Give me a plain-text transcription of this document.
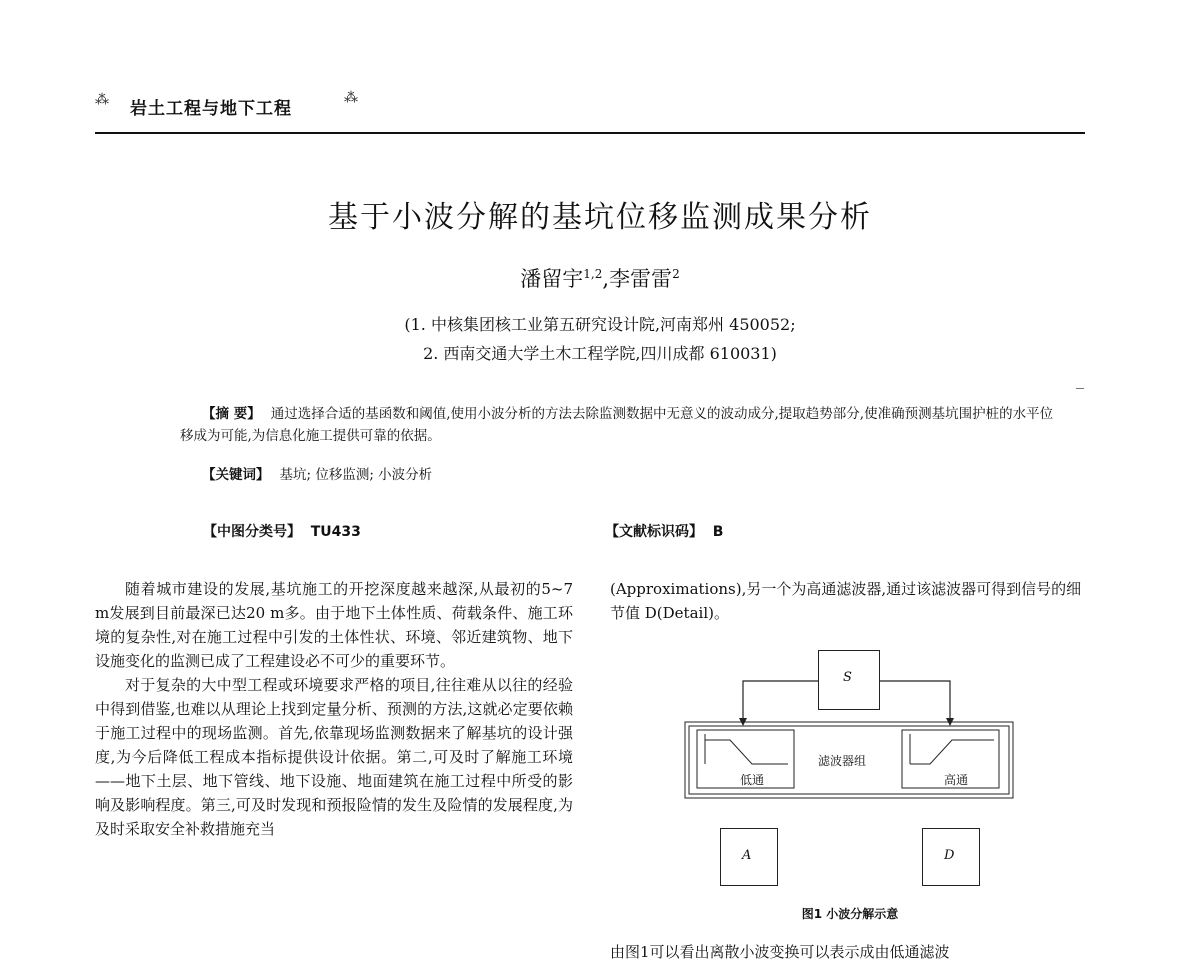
⁂ 岩土工程与地下工程
⁂
基于小波分解的基坑位移监测成果分析
潘留宇$^{1,2}$,李雷雷$^2$
(1. 中核集团核工业第五研究设计院,河南郑州 450052;
2. 西南交通大学土木工程学院,四川成都 610031)
【摘 要】 通过选择合适的基函数和阈值,使用小波分析的方法去除监测数据中无意义的波动成分,提取趋势部分,使准确预测基坑围护桩的水平位移成为可能,为信息化施工提供可靠的依据。
【关键词】 基坑; 位移监测; 小波分析
【中图分类号】 TU433	【文献标识码】 B

随着城市建设的发展,基坑施工的开挖深度越来越深,从最初的5~7 m发展到目前最深已达20 m多。由于地下土体性质、荷载条件、施工环境的复杂性,对在施工过程中引发的土体性状、环境、邻近建筑物、地下设施变化的监测已成了工程建设必不可少的重要环节。

对于复杂的大中型工程或环境要求严格的项目,往往难从以往的经验中得到借鉴,也难以从理论上找到定量分析、预测的方法,这就必定要依赖于施工过程中的现场监测。首先,依靠现场监测数据来了解基坑的设计强度,为今后降低工程成本指标提供设计依据。第二,可及时了解施工环境——地下土层、地下管线、地下设施、地面建筑在施工过程中所受的影响及影响程度。第三,可及时发现和预报险情的发生及险情的发展程度,为及时采取安全补救措施充当

(Approximations),另一个为高通滤波器,通过该滤波器可得到信号的细节值 D(Detail)。

S
低通	高通
滤波器组
A	D
图1 小波分解示意
由图1可以看出离散小波变换可以表示成由低通滤波
